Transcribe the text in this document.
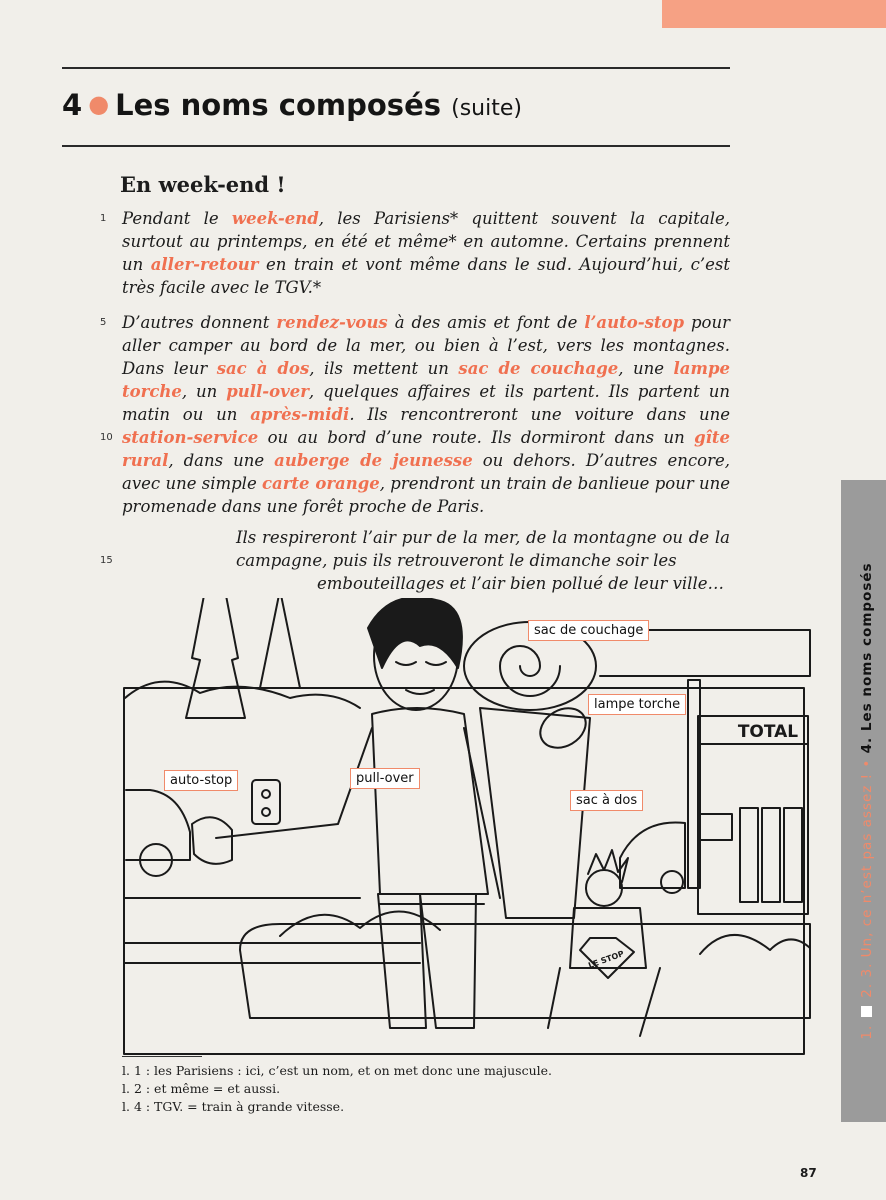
4 ● Les noms composés (suite)
En week-end !
1
5
10
15

Pendant le week-end, les Parisiens* quittent souvent la capitale, surtout au printemps, en été et même* en automne. Certains prennent un aller-retour en train et vont même dans le sud. Aujourd’hui, c’est très facile avec le TGV.*

D’autres donnent rendez-vous à des amis et font de l’auto-stop pour aller camper au bord de la mer, ou bien à l’est, vers les montagnes. Dans leur sac à dos, ils mettent un sac de couchage, une lampe torche, un pull-over, quelques affaires et ils partent. Ils partent un matin ou un après-midi. Ils rencontreront une voiture dans une station-service ou au bord d’une route. Ils dormiront dans un gîte rural, dans une auberge de jeunesse ou dehors. D’autres encore, avec une simple carte orange, prendront un train de banlieue pour une promenade dans une forêt proche de Paris.

Ils respireront l’air pur de la mer, de la montagne ou de la campagne, puis ils retrouveront le dimanche soir les
embouteillages et l’air bien pollué de leur ville…

TOTAL
LE STOP
sac de couchage
lampe torche
auto-stop	pull-over
sac à dos
l. 1 : les Parisiens : ici, c’est un nom, et on met donc une majuscule.
l. 2 : et même = et aussi.
l. 4 : TGV. = train à grande vitesse.
1.
2. 3.

Un, ce n’est pas assez ! •

4. Les noms composés
87
